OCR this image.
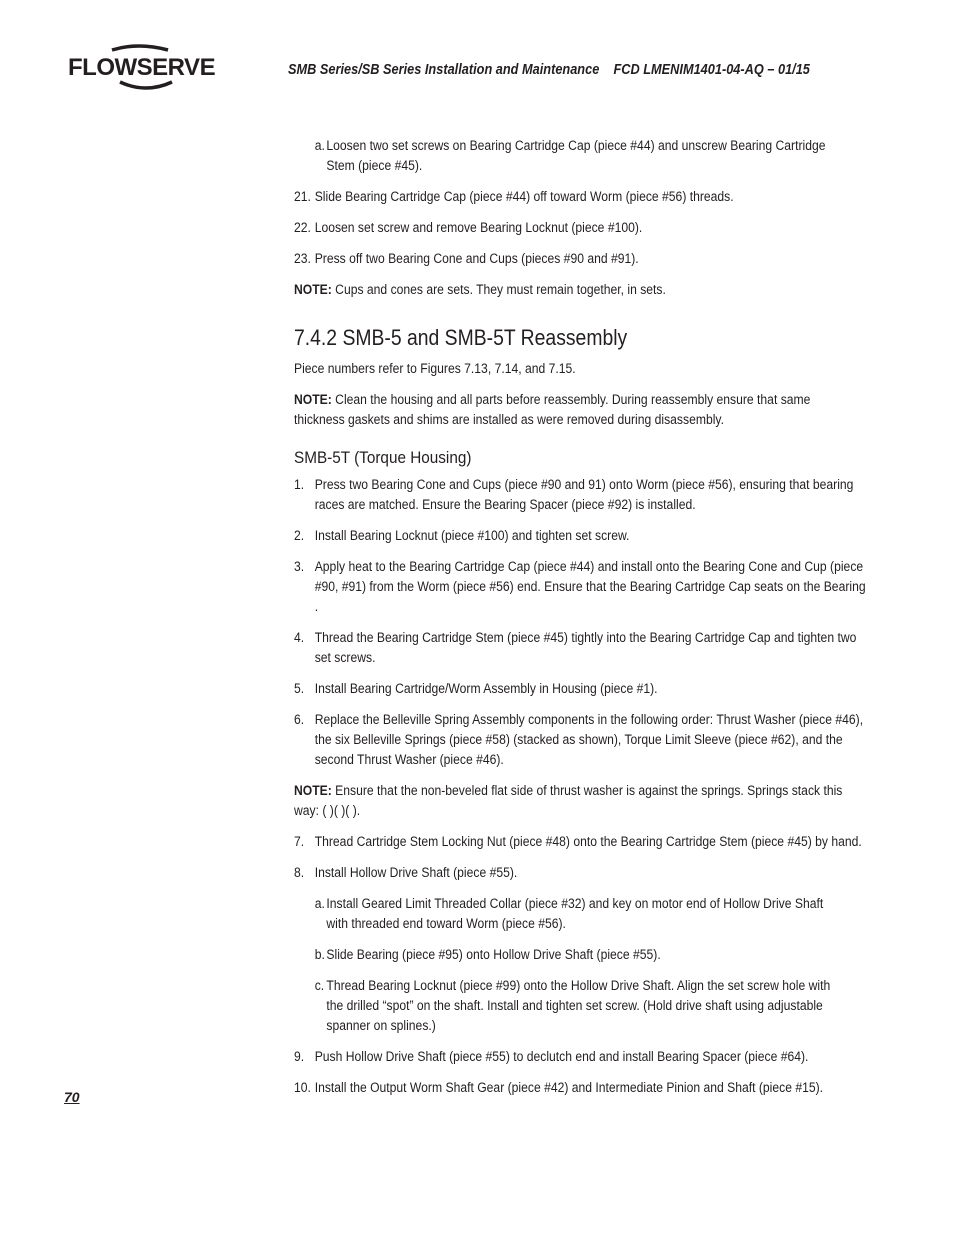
FLOWSERVE	SMB Series/SB Series Installation and Maintenance    FCD LMENIM1401-04-AQ – 01/15
a. Loosen two set screws on Bearing Cartridge Cap (piece #44) and unscrew Bearing Cartridge Stem (piece #45).
21. Slide Bearing Cartridge Cap (piece #44) off toward Worm (piece #56) threads.
22. Loosen set screw and remove Bearing Locknut (piece #100).
23. Press off two Bearing Cone and Cups (pieces #90 and #91).
NOTE: Cups and cones are sets. They must remain together, in sets.
7.4.2 SMB-5 and SMB-5T Reassembly
Piece numbers refer to Figures 7.13, 7.14, and 7.15.
NOTE: Clean the housing and all parts before reassembly. During reassembly ensure that same thickness gaskets and shims are installed as were removed during disassembly.
SMB-5T (Torque Housing)
1. Press two Bearing Cone and Cups (piece #90 and 91) onto Worm (piece #56), ensuring that bearing races are matched. Ensure the Bearing Spacer (piece #92) is installed.
2. Install Bearing Locknut (piece #100) and tighten set screw.
3. Apply heat to the Bearing Cartridge Cap (piece #44) and install onto the Bearing Cone and Cup (piece #90, #91) from the Worm (piece #56) end. Ensure that the Bearing Cartridge Cap seats on the Bearing .
4. Thread the Bearing Cartridge Stem (piece #45) tightly into the Bearing Cartridge Cap and tighten two set screws.
5. Install Bearing Cartridge/Worm Assembly in Housing (piece #1).
6. Replace the Belleville Spring Assembly components in the following order: Thrust Washer (piece #46), the six Belleville Springs (piece #58) (stacked as shown), Torque Limit Sleeve (piece #62), and the second Thrust Washer (piece #46).
NOTE: Ensure that the non-beveled flat side of thrust washer is against the springs. Springs stack this way: ( )( )( ).
7. Thread Cartridge Stem Locking Nut (piece #48) onto the Bearing Cartridge Stem (piece #45) by hand.
8. Install Hollow Drive Shaft (piece #55).
a. Install Geared Limit Threaded Collar (piece #32) and key on motor end of Hollow Drive Shaft with threaded end toward Worm (piece #56).
b. Slide Bearing (piece #95) onto Hollow Drive Shaft (piece #55).
c. Thread Bearing Locknut (piece #99) onto the Hollow Drive Shaft. Align the set screw hole with the drilled “spot” on the shaft. Install and tighten set screw. (Hold drive shaft using adjustable spanner on splines.)
9. Push Hollow Drive Shaft (piece #55) to declutch end and install Bearing Spacer (piece #64).
10. Install the Output Worm Shaft Gear (piece #42) and Intermediate Pinion and Shaft (piece #15).
70
